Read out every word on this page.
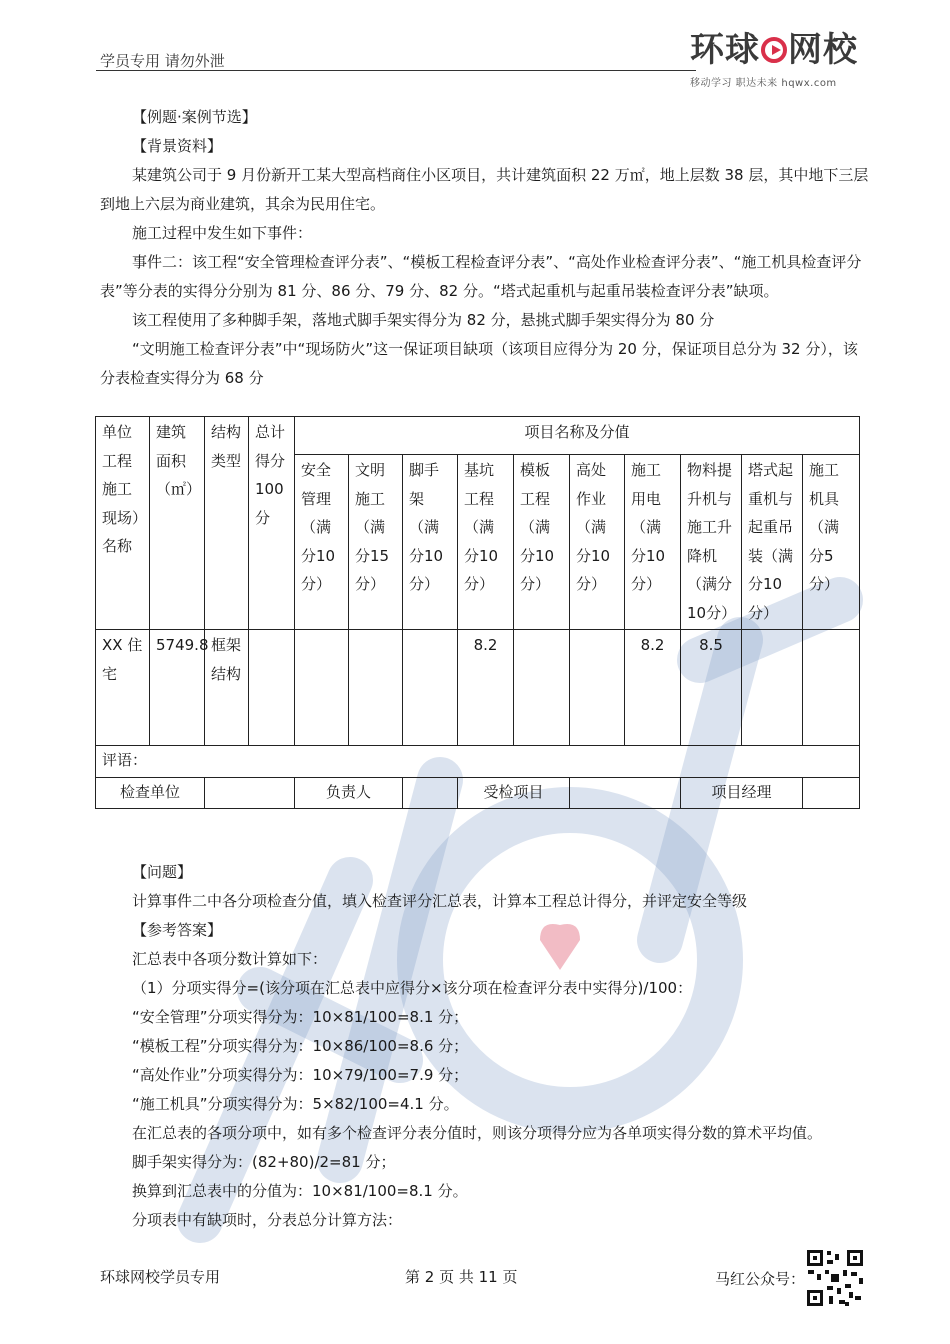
学员专用 请勿外泄	环球 网校
移动学习 职达未来 hqwx.com

【例题·案例节选】

【背景资料】

某建筑公司于 9 月份新开工某大型高档商住小区项目，共计建筑面积 22 万㎡，地上层数 38 层，其中地下三层到地上六层为商业建筑，其余为民用住宅。

施工过程中发生如下事件：

事件二：该工程“安全管理检查评分表”、“模板工程检查评分表”、“高处作业检查评分表”、“施工机具检查评分表”等分表的实得分分别为 81 分、86 分、79 分、82 分。“塔式起重机与起重吊装检查评分表”缺项。

该工程使用了多种脚手架，落地式脚手架实得分为 82 分，悬挑式脚手架实得分为 80 分

“文明施工检查评分表”中“现场防火”这一保证项目缺项（该项目应得分为 20 分，保证项目总分为 32 分），该分表检查实得分为 68 分

单位工程施工现场）名称	建筑面积（㎡）	结构类型	总计得分100分	项目名称及分值									
				安全管理（满分10分）	文明施工（满分15分）	脚手架（满分10分）	基坑工程（满分10分）	模板工程（满分10分）	高处作业（满分10分）	施工用电（满分10分）	物料提升机与施工升降机（满分10分）	塔式起重机与起重吊装（满分10分）	施工机具（满分5分）
XX 住宅	5749.8	框架结构					8.2			8.2	8.5		
评语：													
检查单位				负责人			受检项目				项目经理		

【问题】

计算事件二中各分项检查分值，填入检查评分汇总表，计算本工程总计得分，并评定安全等级

【参考答案】

汇总表中各项分数计算如下：

（1）分项实得分=(该分项在汇总表中应得分×该分项在检查评分表中实得分)/100：

“安全管理”分项实得分为：10×81/100=8.1 分；

“模板工程”分项实得分为：10×86/100=8.6 分；

“高处作业”分项实得分为：10×79/100=7.9 分；

“施工机具”分项实得分为：5×82/100=4.1 分。

在汇总表的各项分项中，如有多个检查评分表分值时，则该分项得分应为各单项实得分数的算术平均值。

脚手架实得分为：(82+80)/2=81 分；

换算到汇总表中的分值为：10×81/100=8.1 分。

分项表中有缺项时，分表总分计算方法：

环球网校学员专用	第 2 页 共 11 页	马红公众号：
